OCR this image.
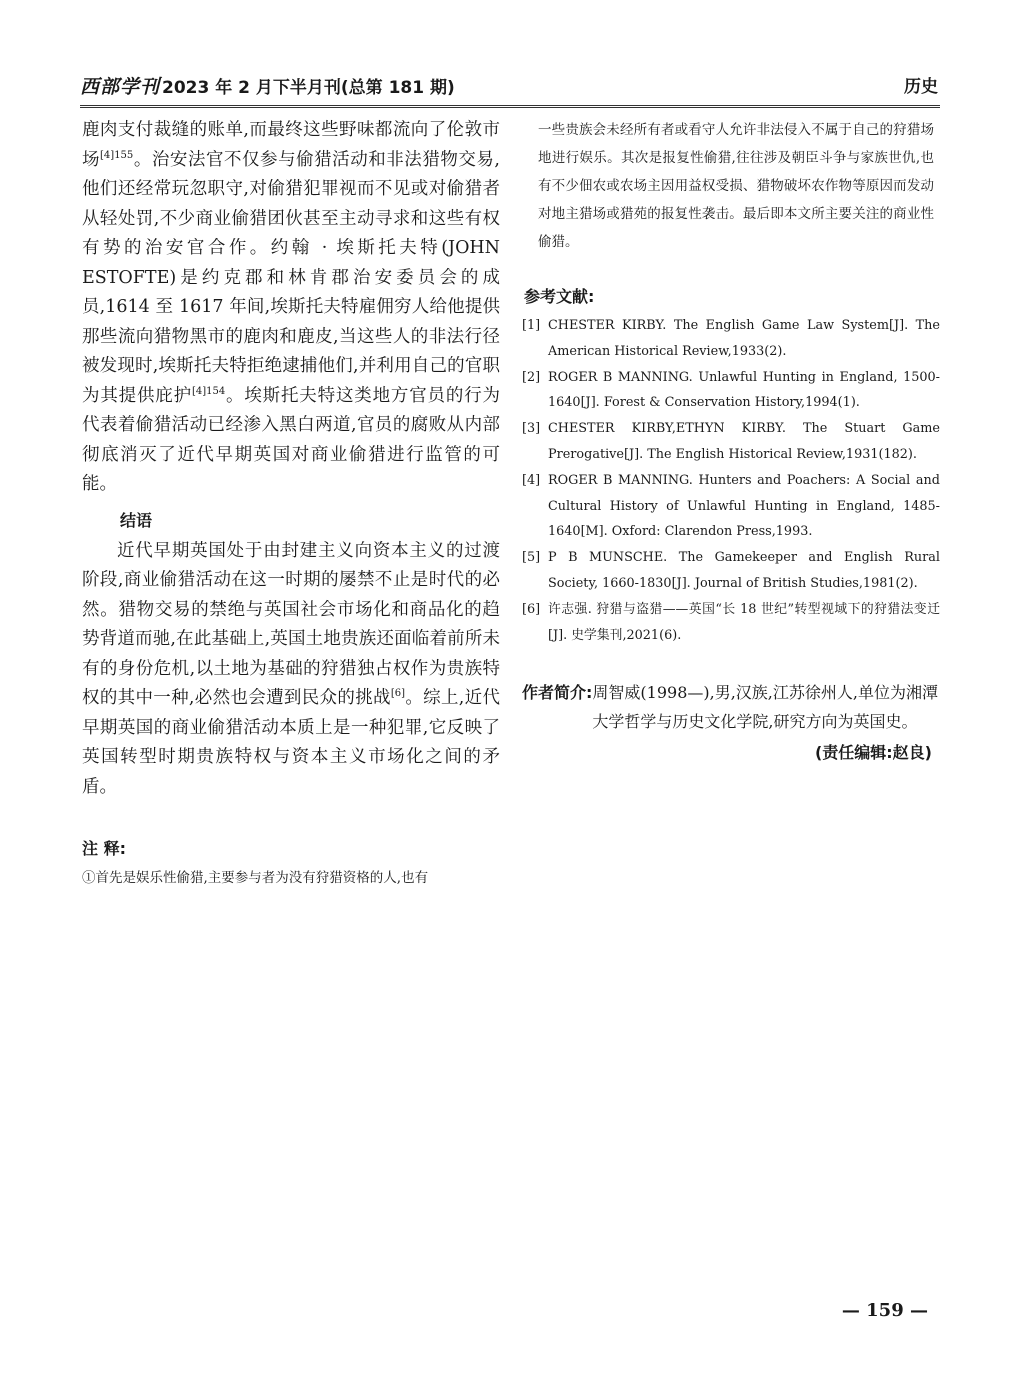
西部学刊 2023 年 2 月下半月刊(总第 181 期)	历史

鹿肉支付裁缝的账单,而最终这些野味都流向了伦敦市场$^{[4]155}$。治安法官不仅参与偷猎活动和非法猎物交易,他们还经常玩忽职守,对偷猎犯罪视而不见或对偷猎者从轻处罚,不少商业偷猎团伙甚至主动寻求和这些有权有势的治安官合作。约翰 · 埃斯托夫特(JOHN ESTOFTE)是约克郡和林肯郡治安委员会的成员,1614 至 1617 年间,埃斯托夫特雇佣穷人给他提供那些流向猎物黑市的鹿肉和鹿皮,当这些人的非法行径被发现时,埃斯托夫特拒绝逮捕他们,并利用自己的官职为其提供庇护$^{[4]154}$。埃斯托夫特这类地方官员的行为代表着偷猎活动已经渗入黑白两道,官员的腐败从内部彻底消灭了近代早期英国对商业偷猎进行监管的可能。

结语

近代早期英国处于由封建主义向资本主义的过渡阶段,商业偷猎活动在这一时期的屡禁不止是时代的必然。猎物交易的禁绝与英国社会市场化和商品化的趋势背道而驰,在此基础上,英国土地贵族还面临着前所未有的身份危机,以土地为基础的狩猎独占权作为贵族特权的其中一种,必然也会遭到民众的挑战[6]。综上,近代早期英国的商业偷猎活动本质上是一种犯罪,它反映了英国转型时期贵族特权与资本主义市场化之间的矛盾。

注 释:

①首先是娱乐性偷猎,主要参与者为没有狩猎资格的人,也有

一些贵族会未经所有者或看守人允许非法侵入不属于自己的狩猎场地进行娱乐。其次是报复性偷猎,往往涉及朝臣斗争与家族世仇,也有不少佃农或农场主因用益权受损、猎物破坏农作物等原因而发动对地主猎场或猎苑的报复性袭击。最后即本文所主要关注的商业性偷猎。

参考文献:

[1] CHESTER KIRBY. The English Game Law System[J]. The American Historical Review,1933(2).

[2] ROGER B MANNING. Unlawful Hunting in England, 1500-1640[J]. Forest & Conservation History,1994(1).

[3] CHESTER KIRBY,ETHYN KIRBY. The Stuart Game Prerogative[J]. The English Historical Review,1931(182).

[4] ROGER B MANNING. Hunters and Poachers: A Social and Cultural History of Unlawful Hunting in England, 1485-1640[M]. Oxford: Clarendon Press,1993.

[5] P B MUNSCHE. The Gamekeeper and English Rural Society, 1660-1830[J]. Journal of British Studies,1981(2).

[6] 许志强. 狩猎与盗猎——英国“长 18 世纪”转型视域下的狩猎法变迁[J]. 史学集刊,2021(6).

作者简介: 周智威(1998—),男,汉族,江苏徐州人,单位为湘潭大学哲学与历史文化学院,研究方向为英国史。
(责任编辑:赵良)
— 159 —
